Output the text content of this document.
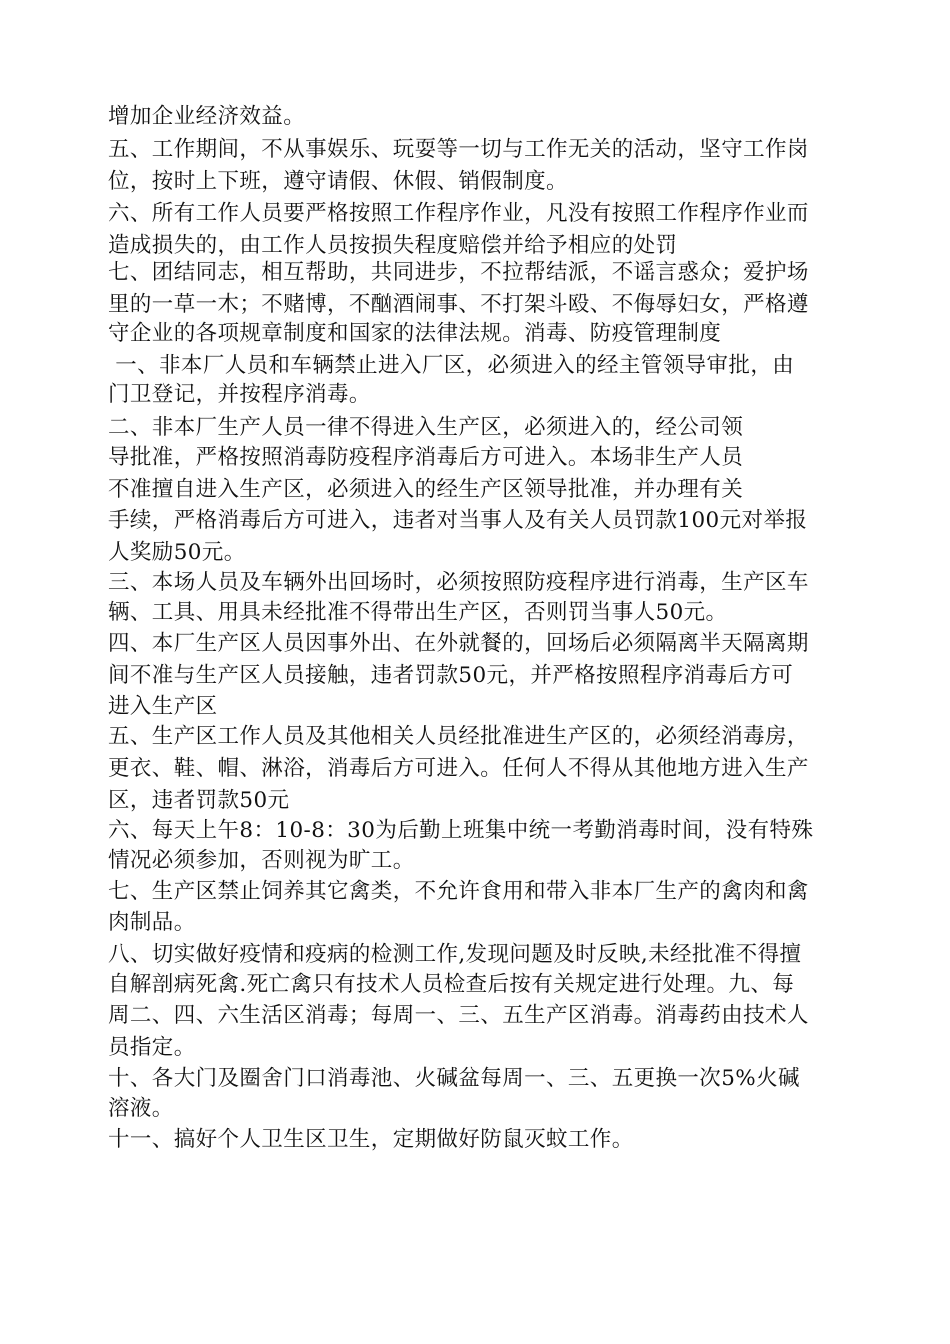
增加企业经济效益。
五、工作期间，不从事娱乐、玩耍等一切与工作无关的活动，坚守工作岗
位，按时上下班，遵守请假、休假、销假制度。
六、所有工作人员要严格按照工作程序作业，凡没有按照工作程序作业而
造成损失的，由工作人员按损失程度赔偿并给予相应的处罚
七、团结同志，相互帮助，共同进步，不拉帮结派，不谣言惑众；爱护场
里的一草一木；不赌博，不酗酒闹事、不打架斗殴、不侮辱妇女，严格遵
守企业的各项规章制度和国家的法律法规。消毒、防疫管理制度
一、非本厂人员和车辆禁止进入厂区，必须进入的经主管领导审批，由
门卫登记，并按程序消毒。
二、非本厂生产人员一律不得进入生产区，必须进入的，经公司领
导批准，严格按照消毒防疫程序消毒后方可进入。本场非生产人员
不准擅自进入生产区，必须进入的经生产区领导批准，并办理有关
手续，严格消毒后方可进入，违者对当事人及有关人员罚款100元对举报
人奖励50元。
三、本场人员及车辆外出回场时，必须按照防疫程序进行消毒，生产区车
辆、工具、用具未经批准不得带出生产区，否则罚当事人50元。
四、本厂生产区人员因事外出、在外就餐的，回场后必须隔离半天隔离期
间不准与生产区人员接触，违者罚款50元，并严格按照程序消毒后方可
进入生产区
五、生产区工作人员及其他相关人员经批准进生产区的，必须经消毒房，
更衣、鞋、帽、淋浴，消毒后方可进入。任何人不得从其他地方进入生产
区，违者罚款50元
六、每天上午8：10-8：30为后勤上班集中统一考勤消毒时间，没有特殊
情况必须参加，否则视为旷工。
七、生产区禁止饲养其它禽类，不允许食用和带入非本厂生产的禽肉和禽
肉制品。
八、切实做好疫情和疫病的检测工作,发现问题及时反映,未经批准不得擅
自解剖病死禽.死亡禽只有技术人员检查后按有关规定进行处理。九、每
周二、四、六生活区消毒；每周一、三、五生产区消毒。消毒药由技术人
员指定。
十、各大门及圈舍门口消毒池、火碱盆每周一、三、五更换一次5%火碱
溶液。
十一、搞好个人卫生区卫生，定期做好防鼠灭蚊工作。
